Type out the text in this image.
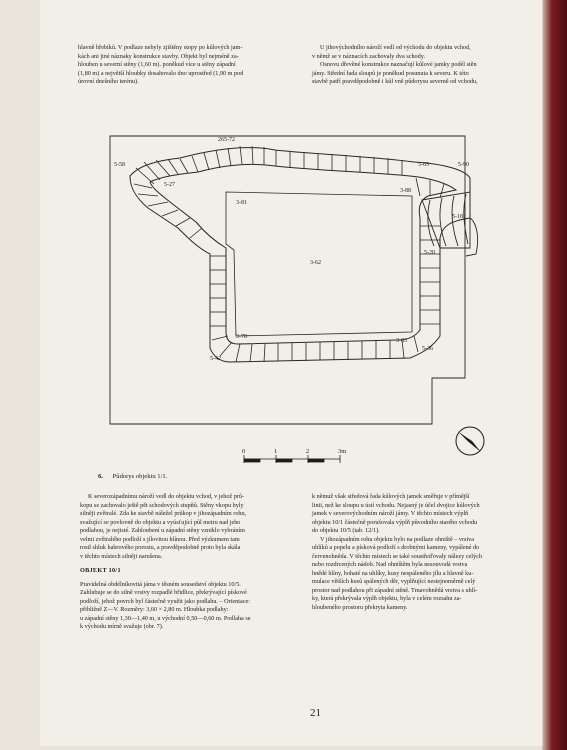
hlavně hřebíků. V podlaze nebyly zjištěny stopy po kůlových jam-
kách ani jiné náznaky konstrukce stavby. Objekt byl nejméně za-
hlouben u severní stěny (1,60 m). poněkud více u stěny západní
(1,80 m) a největší hloubky dosahovalo dno uprostřed (1,90 m pod
úrovní dnešního terénu).

U jihovýchodního nároží vedl od východu do objektu vchod,
v němž se v náznacích zachovaly dva schody.

Osnovu dřevěné konstrukce naznačují kůlové jamky podél stěn
jámy. Střední řada sloupů je poněkud posunuta k severu. K této
stavbě patří pravděpodobně i kůl vně půdorysu severně od vchodu,

265-72
5-58
5-27
3-81
5-65	5-90
3-88
5-18
5-20
3-62
3-78
5-42
3-83
5-36
0	1	2	3m
6. Půdorys objektu 1/1.

K severozápadnímu nároží vedl do objektu vchod, v jehož prů-
kopu se zachovalo ještě pět schodových stupňů. Stěny vkopu byly
silněji zvětralé. Zda ke stavbě náležel průkop v jihozápadním rohu,
svažující se povlovně do objektu a vyúsťující půl metru nad jeho
podlahou, je nejisté. Zahloubení u západní stěny vzniklo vybráním
velmi zvětralého podloží s jílovitou hlínou. Před výzkumem tam
rostl shluk habrového porostu, a pravděpodobně proto byla skála
v těchto místech silněji narušena.

OBJEKT 10/1

Pravidelná obdélníkovitá jáma v těsném sousedství objektu 10/5.
Zahlubuje se do silně vrstvy rozpadlé břidlice, překrývající pískové
podloží, jehož povrch byl částečně využit jako podlahu. – Orientace:
přibližně Z—V. Rozměry: 3,60 × 2,80 m. Hloubka podlahy:
u západní stěny 1,30—1,40 m, u východní 0,50—0,60 m. Podlaha se
k východu mírně svažuje (obr. 7).

k němuž však středová řada kůlových jamek směřuje v přímější
linii, než ke sloupu u ústí vchodu. Nejasný je účel dvojice kůlových
jamek v severovýchodním nároží jámy. V těchto místech výplň
objektu 10/1 částečně porušovala výplň původního starého vchodu
do objektu 10/5 (tab. 12/1).

V jihozápadním rohu objektu bylo na podlaze ohniště – vrstva
uhlíků a popelu a písková podloží s drobnými kameny, vypálené do
červenohněda. V těchto místech se také soustřeďovaly nálezy celých
nebo rozdrcených nádob. Nad ohništěm byla nesouvodá vrstva
hnědé hlíny, bohaté na uhlíky, kusy nespáleného jílu a hlavně ku-
mulace větších kusů spálených děr, vyplňující nestejnoměrně celý
prostor nad podlahou při západní stěně. Tmavohnědá vrstva s uhlí-
ky, která překrývala výplň objektu, byla v celém rozsahu za-
hloubeného prostoru překryta kameny.

21
